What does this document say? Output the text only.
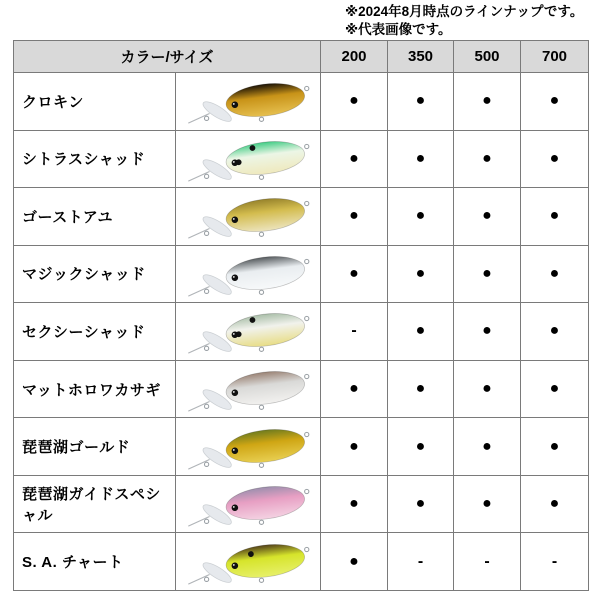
※2024年8月時点のラインナップです。
※代表画像です。
カラー/サイズ		200	350	500	700
クロキン		●	●	●	●
シトラスシャッド		●	●	●	●
ゴーストアユ		●	●	●	●
マジックシャッド		●	●	●	●
セクシーシャッド		-	●	●	●
マットホロワカサギ		●	●	●	●
琵琶湖ゴールド		●	●	●	●
琵琶湖ガイドスペシャル		●	●	●	●
S. A. チャート		●	-	-	-
